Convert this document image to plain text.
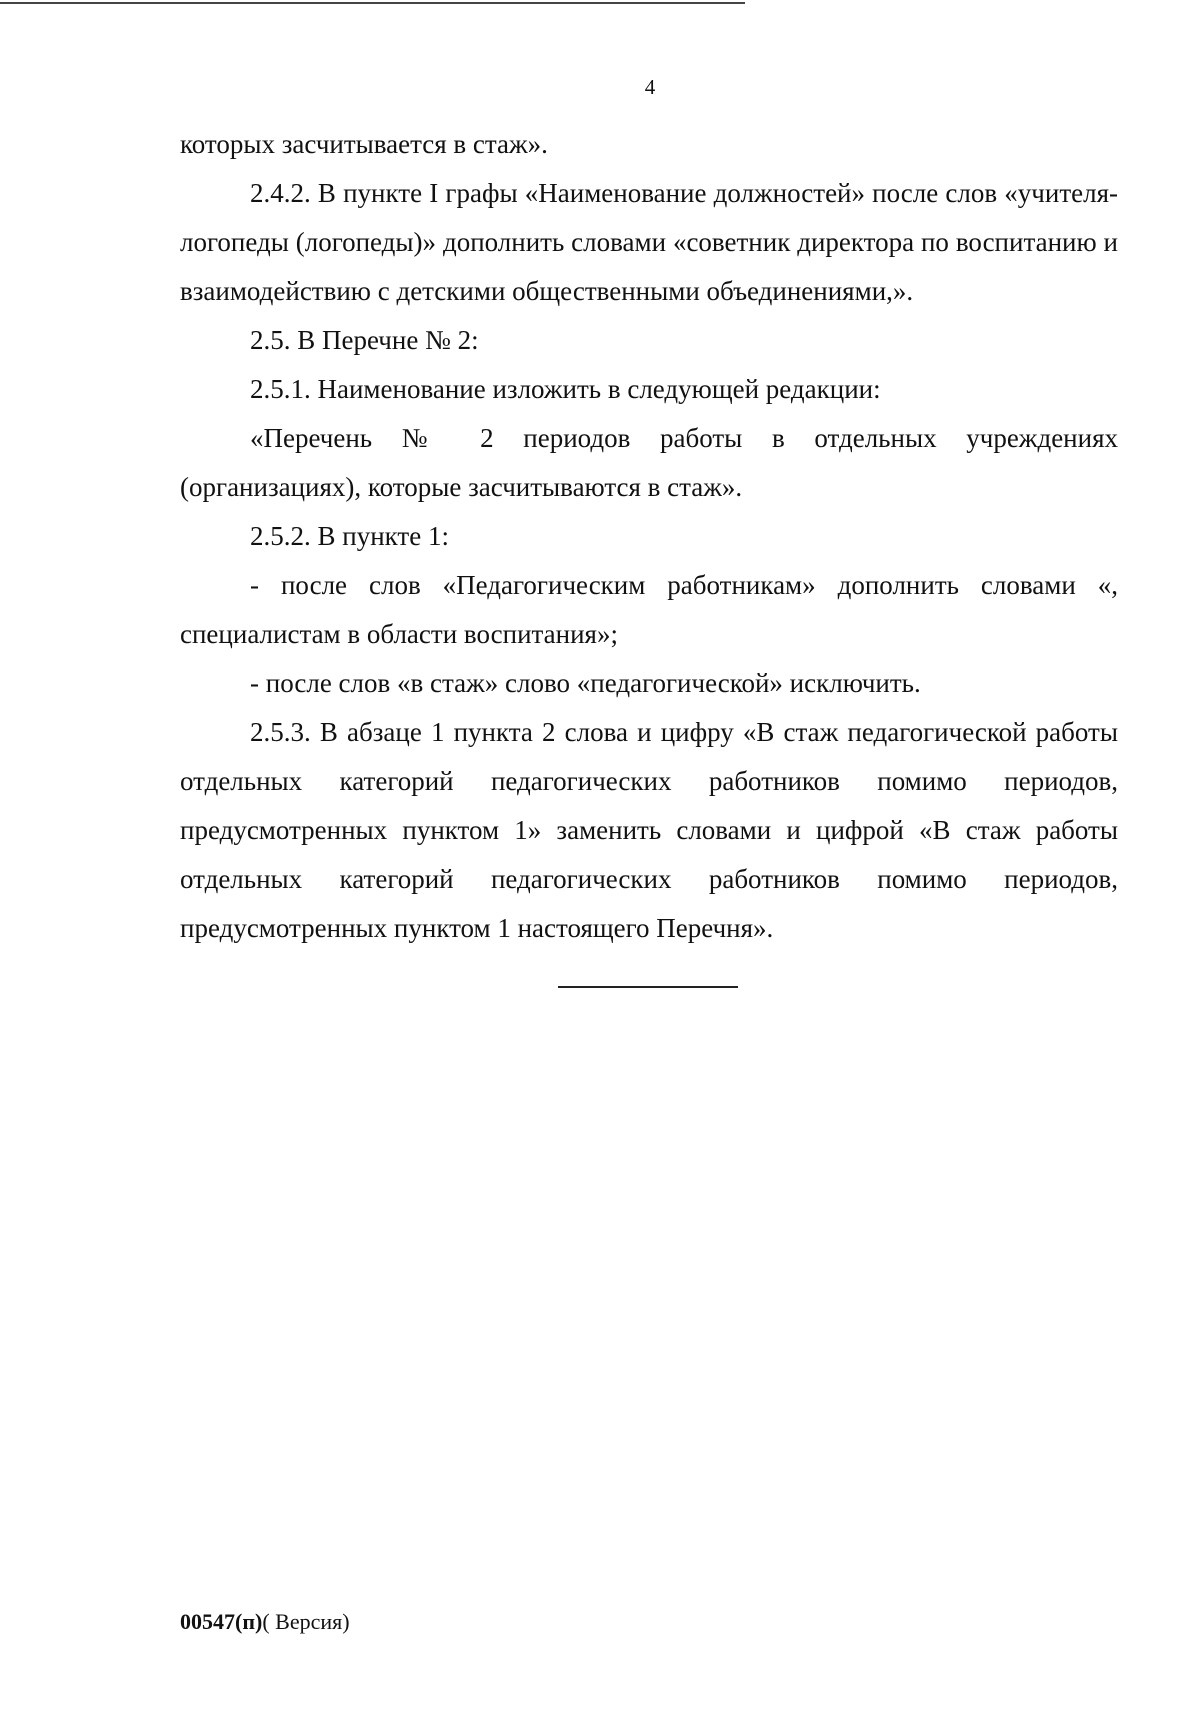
4

которых засчитывается в стаж».

2.4.2. В пункте I графы «Наименование должностей» после слов «учителя-логопеды (логопеды)» дополнить словами «советник директора по воспитанию и взаимодействию с детскими общественными объединениями,».

2.5. В Перечне № 2:

2.5.1. Наименование изложить в следующей редакции:

«Перечень № 2 периодов работы в отдельных учреждениях (организациях), которые засчитываются в стаж».

2.5.2. В пункте 1:

- после слов «Педагогическим работникам» дополнить словами «, специалистам в области воспитания»;

- после слов «в стаж» слово «педагогической» исключить.

2.5.3. В абзаце 1 пункта 2 слова и цифру «В стаж педагогической работы отдельных категорий педагогических работников помимо периодов, предусмотренных пунктом 1» заменить словами и цифрой «В стаж работы отдельных категорий педагогических работников помимо периодов, предусмотренных пунктом 1 настоящего Перечня».

00547(п)( Версия)
